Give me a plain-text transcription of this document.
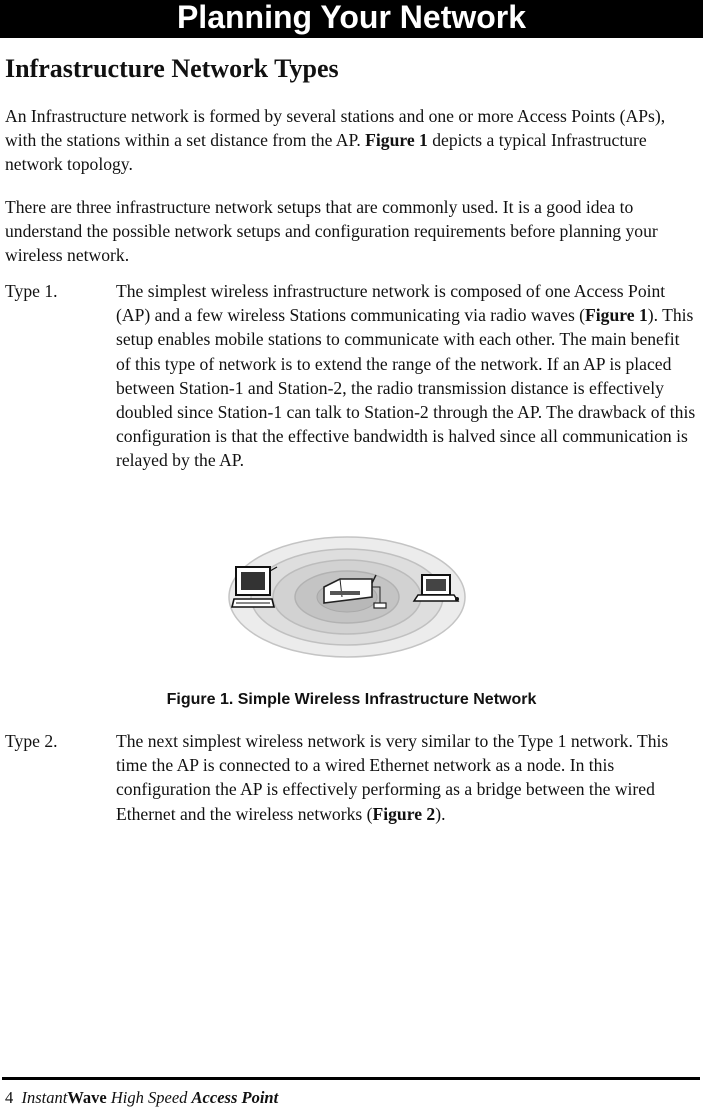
Planning Your Network
Infrastructure Network Types

An Infrastructure network is formed by several stations and one or more Access Points (APs), with the stations within a set distance from the AP. Figure 1 depicts a typical Infrastructure network topology.

There are three infrastructure network setups that are commonly used. It is a good idea to understand the possible network setups and configuration requirements before planning your wireless network.

Type 1.	The simplest wireless infrastructure network is composed of one Access Point (AP) and a few wireless Stations communicating via radio waves (Figure 1). This setup enables mobile stations to communicate with each other. The main benefit of this type of network is to extend the range of the network. If an AP is placed between Station-1 and Station-2, the radio transmission distance is effectively doubled since Station-1 can talk to Station-2 through the AP. The drawback of this configuration is that the effective bandwidth is halved since all communication is relayed by the AP.

Figure 1. Simple Wireless Infrastructure Network
Type 2.	The next simplest wireless network is very similar to the Type 1 network. This time the AP is connected to a wired Ethernet network as a node. In this configuration the AP is effectively performing as a bridge between the wired Ethernet and the wireless networks (Figure 2).

4 InstantWave High Speed Access Point
